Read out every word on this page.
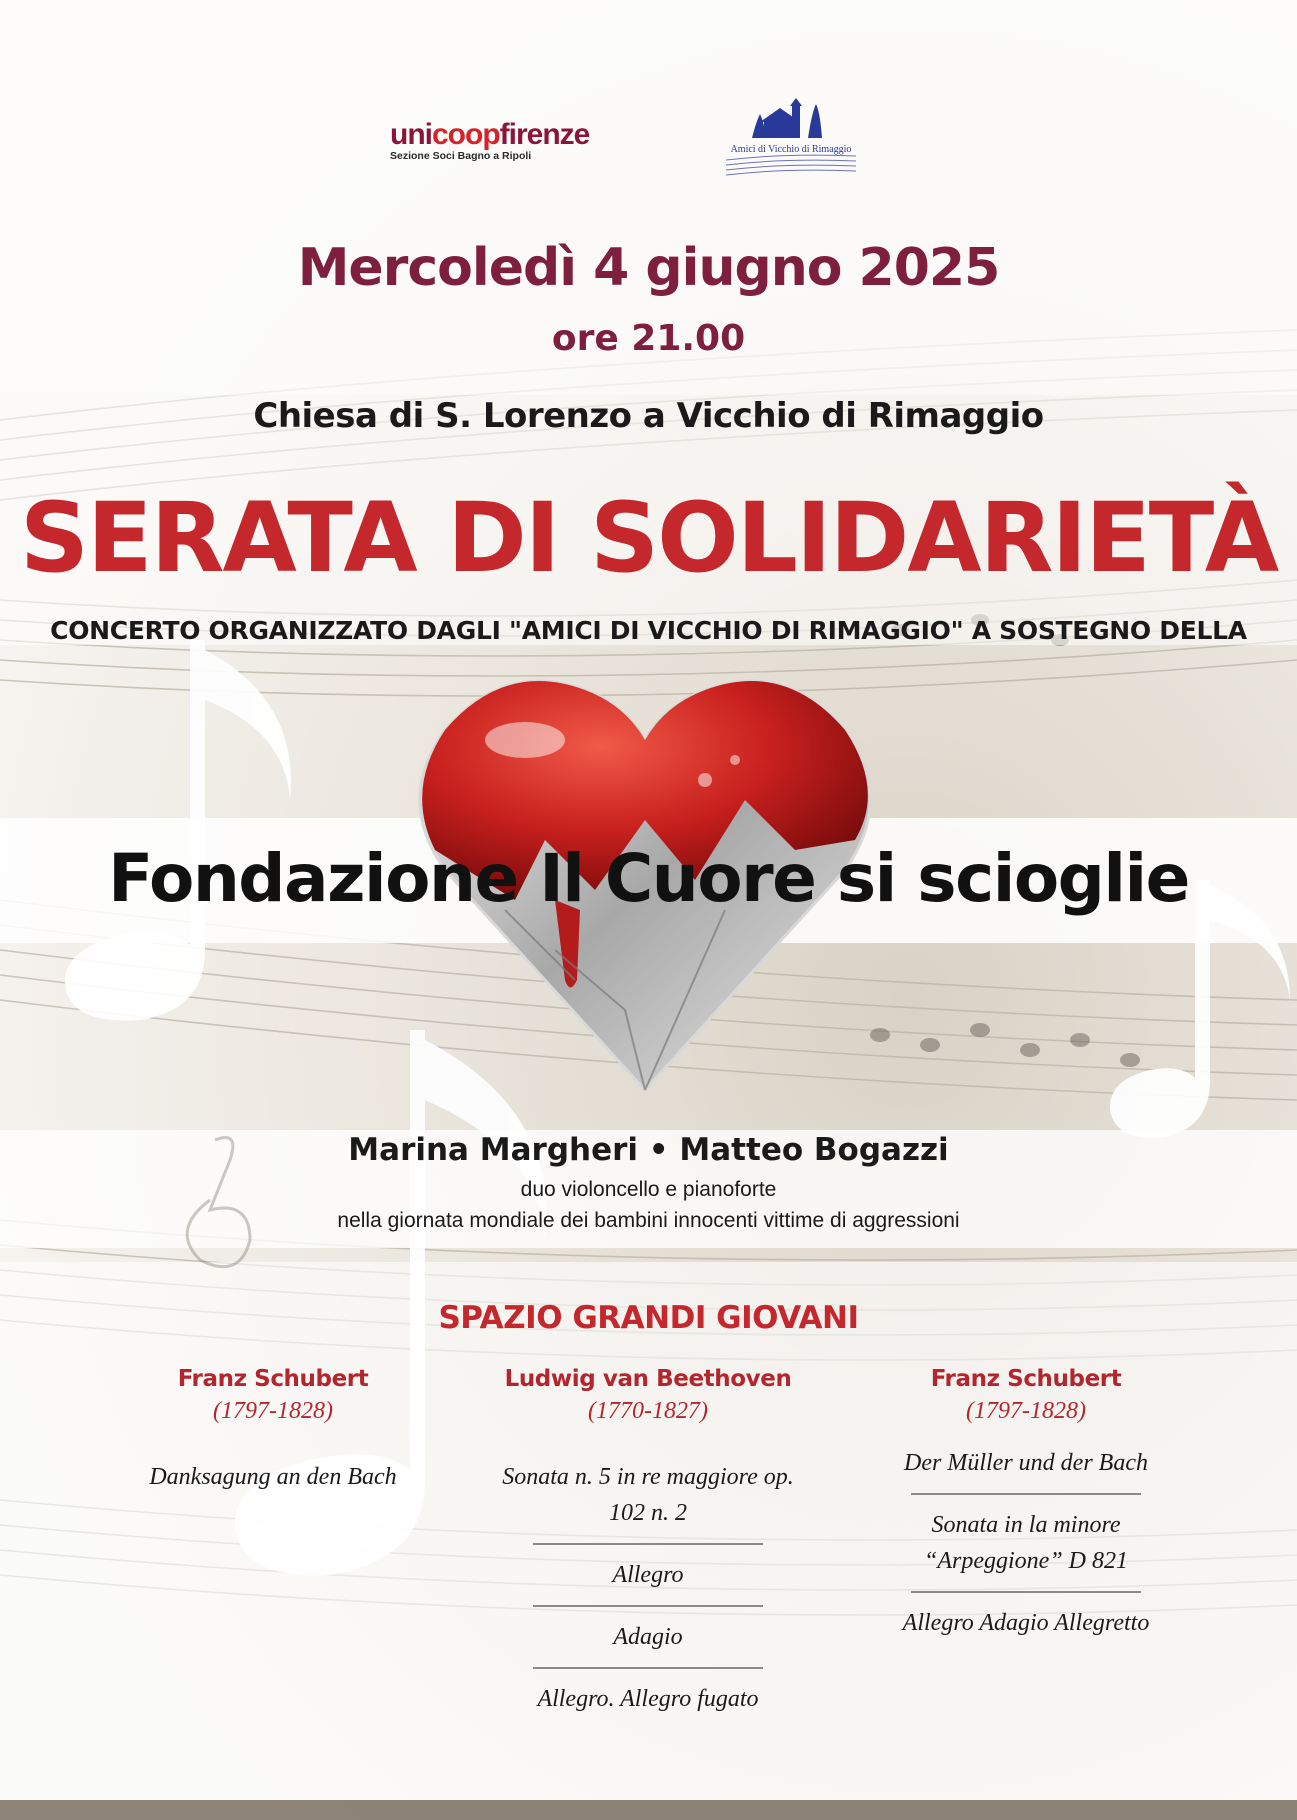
unicoopfirenze
Sezione Soci Bagno a Ripoli
Amici di Vicchio di Rimaggio
Mercoledì 4 giugno 2025
ore 21.00
Chiesa di S. Lorenzo a Vicchio di Rimaggio
SERATA DI SOLIDARIETÀ
CONCERTO ORGANIZZATO DAGLI "AMICI DI VICCHIO DI RIMAGGIO" A SOSTEGNO DELLA
Fondazione Il Cuore si scioglie
Marina Margheri • Matteo Bogazzi
duo violoncello e pianoforte
nella giornata mondiale dei bambini innocenti vittime di aggressioni
SPAZIO GRANDI GIOVANI
Franz Schubert
(1797-1828)
Danksagung an den Bach
Ludwig van Beethoven
(1770-1827)
Sonata n. 5 in re maggiore op. 102 n. 2
Allegro
Adagio
Allegro. Allegro fugato
Franz Schubert
(1797-1828)
Der Müller und der Bach
Sonata in la minore “Arpeggione” D 821
Allegro Adagio Allegretto
